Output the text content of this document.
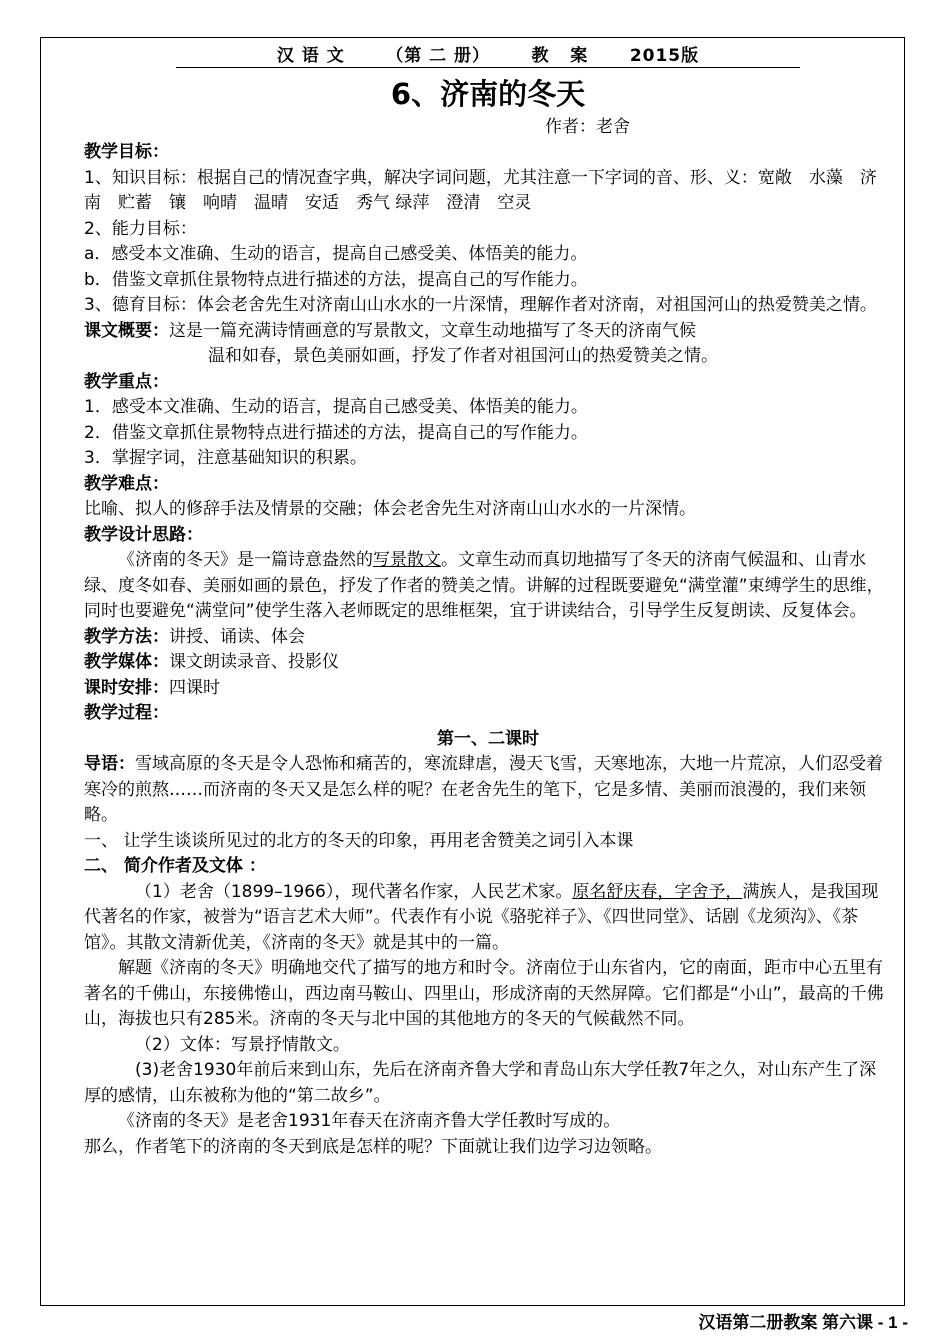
汉 语 文      （第 二 册）      教   案      2015版
6、济南的冬天
作者：老舍

教学目标：

1、知识目标：根据自己的情况查字典，解决字词问题，尤其注意一下字词的音、形、义：宽敞　水藻　济南　贮蓄　镶　响晴　温晴　安适　秀气 绿萍　澄清　空灵

2、能力目标：

a．感受本文准确、生动的语言，提高自己感受美、体悟美的能力。

b．借鉴文章抓住景物特点进行描述的方法，提高自己的写作能力。

3、德育目标：体会老舍先生对济南山山水水的一片深情，理解作者对济南，对祖国河山的热爱赞美之情。

课文概要：这是一篇充满诗情画意的写景散文，文章生动地描写了冬天的济南气候

温和如春，景色美丽如画，抒发了作者对祖国河山的热爱赞美之情。

教学重点：

1．感受本文准确、生动的语言，提高自己感受美、体悟美的能力。

2．借鉴文章抓住景物特点进行描述的方法，提高自己的写作能力。

3．掌握字词，注意基础知识的积累。

教学难点：

比喻、拟人的修辞手法及情景的交融；体会老舍先生对济南山山水水的一片深情。

教学设计思路：

《济南的冬天》是一篇诗意盎然的写景散文。文章生动而真切地描写了冬天的济南气候温和、山青水绿、度冬如春、美丽如画的景色，抒发了作者的赞美之情。讲解的过程既要避免“满堂灌”束缚学生的思维，同时也要避免“满堂问”使学生落入老师既定的思维框架，宜于讲读结合，引导学生反复朗读、反复体会。

教学方法：讲授、诵读、体会

教学媒体：课文朗读录音、投影仪

课时安排：四课时

教学过程：

第一、二课时

导语：雪域高原的冬天是令人恐怖和痛苦的，寒流肆虐，漫天飞雪，天寒地冻，大地一片荒凉，人们忍受着寒冷的煎熬……而济南的冬天又是怎么样的呢？在老舍先生的笔下，它是多情、美丽而浪漫的，我们来领略。

一、 让学生谈谈所见过的北方的冬天的印象，再用老舍赞美之词引入本课

二、 简介作者及文体 ：

（1）老舍（1899–1966），现代著名作家，人民艺术家。原名舒庆春，字舍予，满族人，是我国现代著名的作家，被誉为“语言艺术大师”。代表作有小说《骆驼祥子》、《四世同堂》、话剧《龙须沟》、《茶馆》。其散文清新优美，《济南的冬天》就是其中的一篇。

解题《济南的冬天》明确地交代了描写的地方和时令。济南位于山东省内，它的南面，距市中心五里有著名的千佛山，东接佛惓山，西边南马鞍山、四里山，形成济南的天然屏障。它们都是“小山”，最高的千佛山，海拔也只有285米。济南的冬天与北中国的其他地方的冬天的气候截然不同。

（2）文体：写景抒情散文。

(3)老舍1930年前后来到山东，先后在济南齐鲁大学和青岛山东大学任教7年之久，对山东产生了深厚的感情，山东被称为他的“第二故乡”。

《济南的冬天》是老舍1931年春天在济南齐鲁大学任教时写成的。

那么，作者笔下的济南的冬天到底是怎样的呢？下面就让我们边学习边领略。

汉语第二册教案 第六课 - 1 -
